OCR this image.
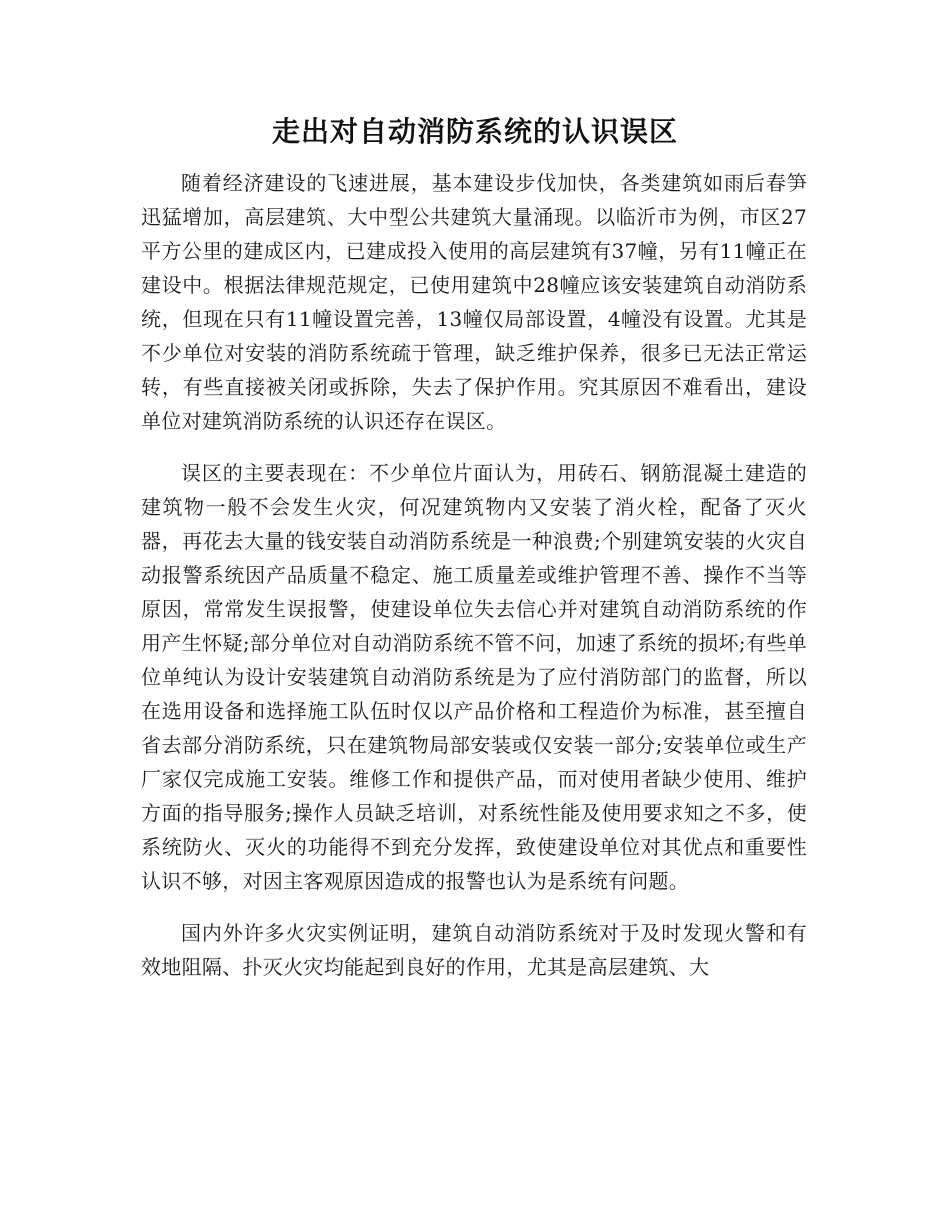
走出对自动消防系统的认识误区

随着经济建设的飞速进展，基本建设步伐加快，各类建筑如雨后春笋迅猛增加，高层建筑、大中型公共建筑大量涌现。以临沂市为例，市区27平方公里的建成区内，已建成投入使用的高层建筑有37幢，另有11幢正在建设中。根据法律规范规定，已使用建筑中28幢应该安装建筑自动消防系统，但现在只有11幢设置完善，13幢仅局部设置，4幢没有设置。尤其是不少单位对安装的消防系统疏于管理，缺乏维护保养，很多已无法正常运转，有些直接被关闭或拆除，失去了保护作用。究其原因不难看出，建设单位对建筑消防系统的认识还存在误区。

误区的主要表现在：不少单位片面认为，用砖石、钢筋混凝土建造的建筑物一般不会发生火灾，何况建筑物内又安装了消火栓，配备了灭火器，再花去大量的钱安装自动消防系统是一种浪费;个别建筑安装的火灾自动报警系统因产品质量不稳定、施工质量差或维护管理不善、操作不当等原因，常常发生误报警，使建设单位失去信心并对建筑自动消防系统的作用产生怀疑;部分单位对自动消防系统不管不问，加速了系统的损坏;有些单位单纯认为设计安装建筑自动消防系统是为了应付消防部门的监督，所以在选用设备和选择施工队伍时仅以产品价格和工程造价为标准，甚至擅自省去部分消防系统，只在建筑物局部安装或仅安装一部分;安装单位或生产厂家仅完成施工安装。维修工作和提供产品，而对使用者缺少使用、维护方面的指导服务;操作人员缺乏培训，对系统性能及使用要求知之不多，使系统防火、灭火的功能得不到充分发挥，致使建设单位对其优点和重要性认识不够，对因主客观原因造成的报警也认为是系统有问题。

国内外许多火灾实例证明，建筑自动消防系统对于及时发现火警和有效地阻隔、扑灭火灾均能起到良好的作用，尤其是高层建筑、大
